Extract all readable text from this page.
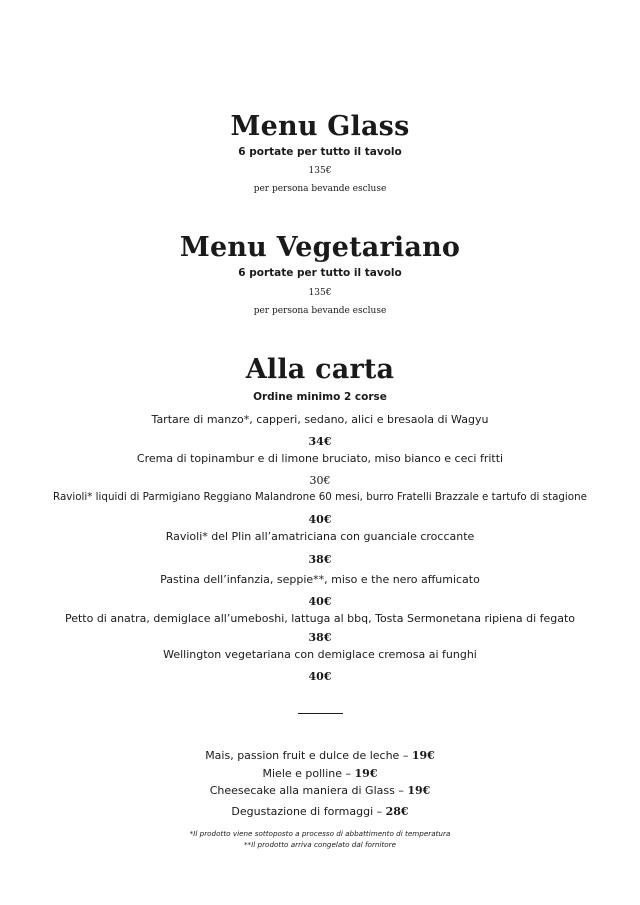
Menu Glass
6 portate per tutto il tavolo
135€
per persona bevande escluse
Menu Vegetariano
6 portate per tutto il tavolo
135€
per persona bevande escluse
Alla carta
Ordine minimo 2 corse
Tartare di manzo*, capperi, sedano, alici e bresaola di Wagyu
34€
Crema di topinambur e di limone bruciato, miso bianco e ceci fritti
30€
Ravioli* liquidi di Parmigiano Reggiano Malandrone 60 mesi, burro Fratelli Brazzale e tartufo di stagione
40€
Ravioli* del Plin all’amatriciana con guanciale croccante
38€
Pastina dell’infanzia, seppie**, miso e the nero affumicato
40€
Petto di anatra, demiglace all’umeboshi, lattuga al bbq, Tosta Sermonetana ripiena di fegato
38€
Wellington vegetariana con demiglace cremosa ai funghi
40€
Mais, passion fruit e dulce de leche – 19€
Miele e polline – 19€
Cheesecake alla maniera di Glass – 19€
Degustazione di formaggi – 28€
*Il prodotto viene sottoposto a processo di abbattimento di temperatura
**Il prodotto arriva congelato dal fornitore
